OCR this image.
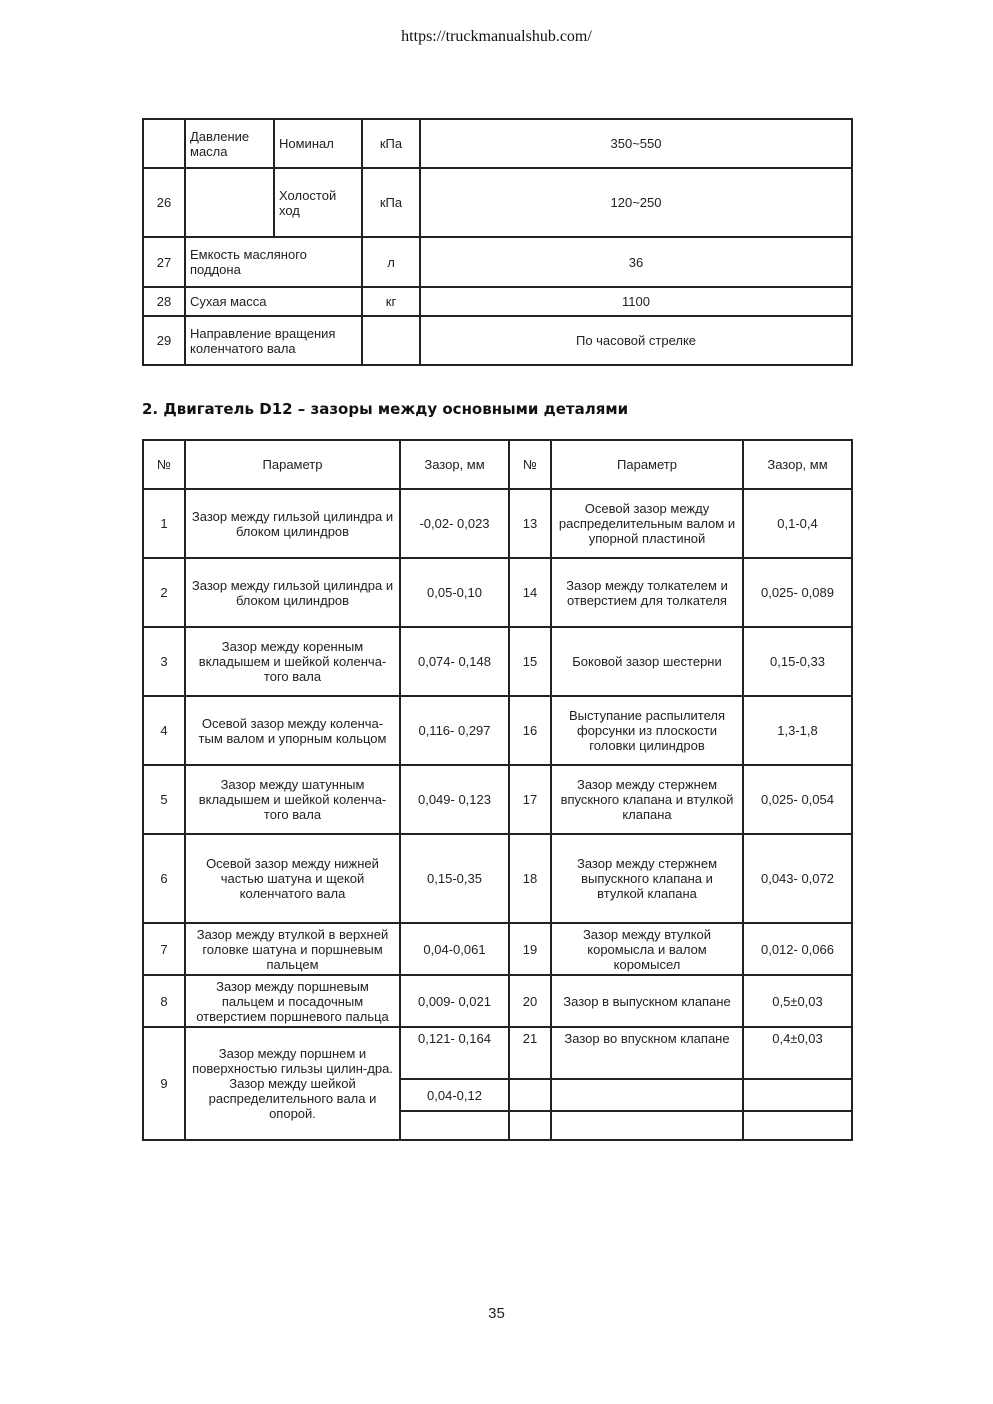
https://truckmanualshub.com/
	Давление масла	Номинал	кПа	350~550
26		Холостой ход	кПа	120~250
27	Емкость масляного поддона		л	36
28	Сухая масса		кг	1100
29	Направление вращения коленчатого вала			По часовой стрелке
2. Двигатель D12 – зазоры между основными деталями
№	Параметр	Зазор, мм	№	Параметр	Зазор, мм
1	Зазор между гильзой цилиндра и блоком цилиндров	-0,02- 0,023	13	Осевой зазор между распределительным валом и упорной пластиной	0,1-0,4
2	Зазор между гильзой цилиндра и блоком цилиндров	0,05-0,10	14	Зазор между толкателем и отверстием для толкателя	0,025- 0,089
3	Зазор между коренным вкладышем и шейкой коленча-того вала	0,074- 0,148	15	Боковой зазор шестерни	0,15-0,33
4	Осевой зазор между коленча-тым валом и упорным кольцом	0,116- 0,297	16	Выступание распылителя форсунки из плоскости головки цилиндров	1,3-1,8
5	Зазор между шатунным вкладышем и шейкой коленча-того вала	0,049- 0,123	17	Зазор между стержнем впускного клапана и втулкой клапана	0,025- 0,054
6	Осевой зазор между нижней частью шатуна и щекой коленчатого вала	0,15-0,35	18	Зазор между стержнем выпускного клапана и втулкой клапана	0,043- 0,072
7	Зазор между втулкой в верхней головке шатуна и поршневым пальцем	0,04-0,061	19	Зазор между втулкой коромысла и валом коромысел	0,012- 0,066
8	Зазор между поршневым пальцем и посадочным отверстием поршневого пальца	0,009- 0,021	20	Зазор в выпускном клапане	0,5±0,03
9	Зазор между поршнем и поверхностью гильзы цилин-дра. Зазор между шейкой распределительного вала и опорой.	0,121- 0,164	21	Зазор во впускном клапане	0,4±0,03
		0,04-0,12			

35
